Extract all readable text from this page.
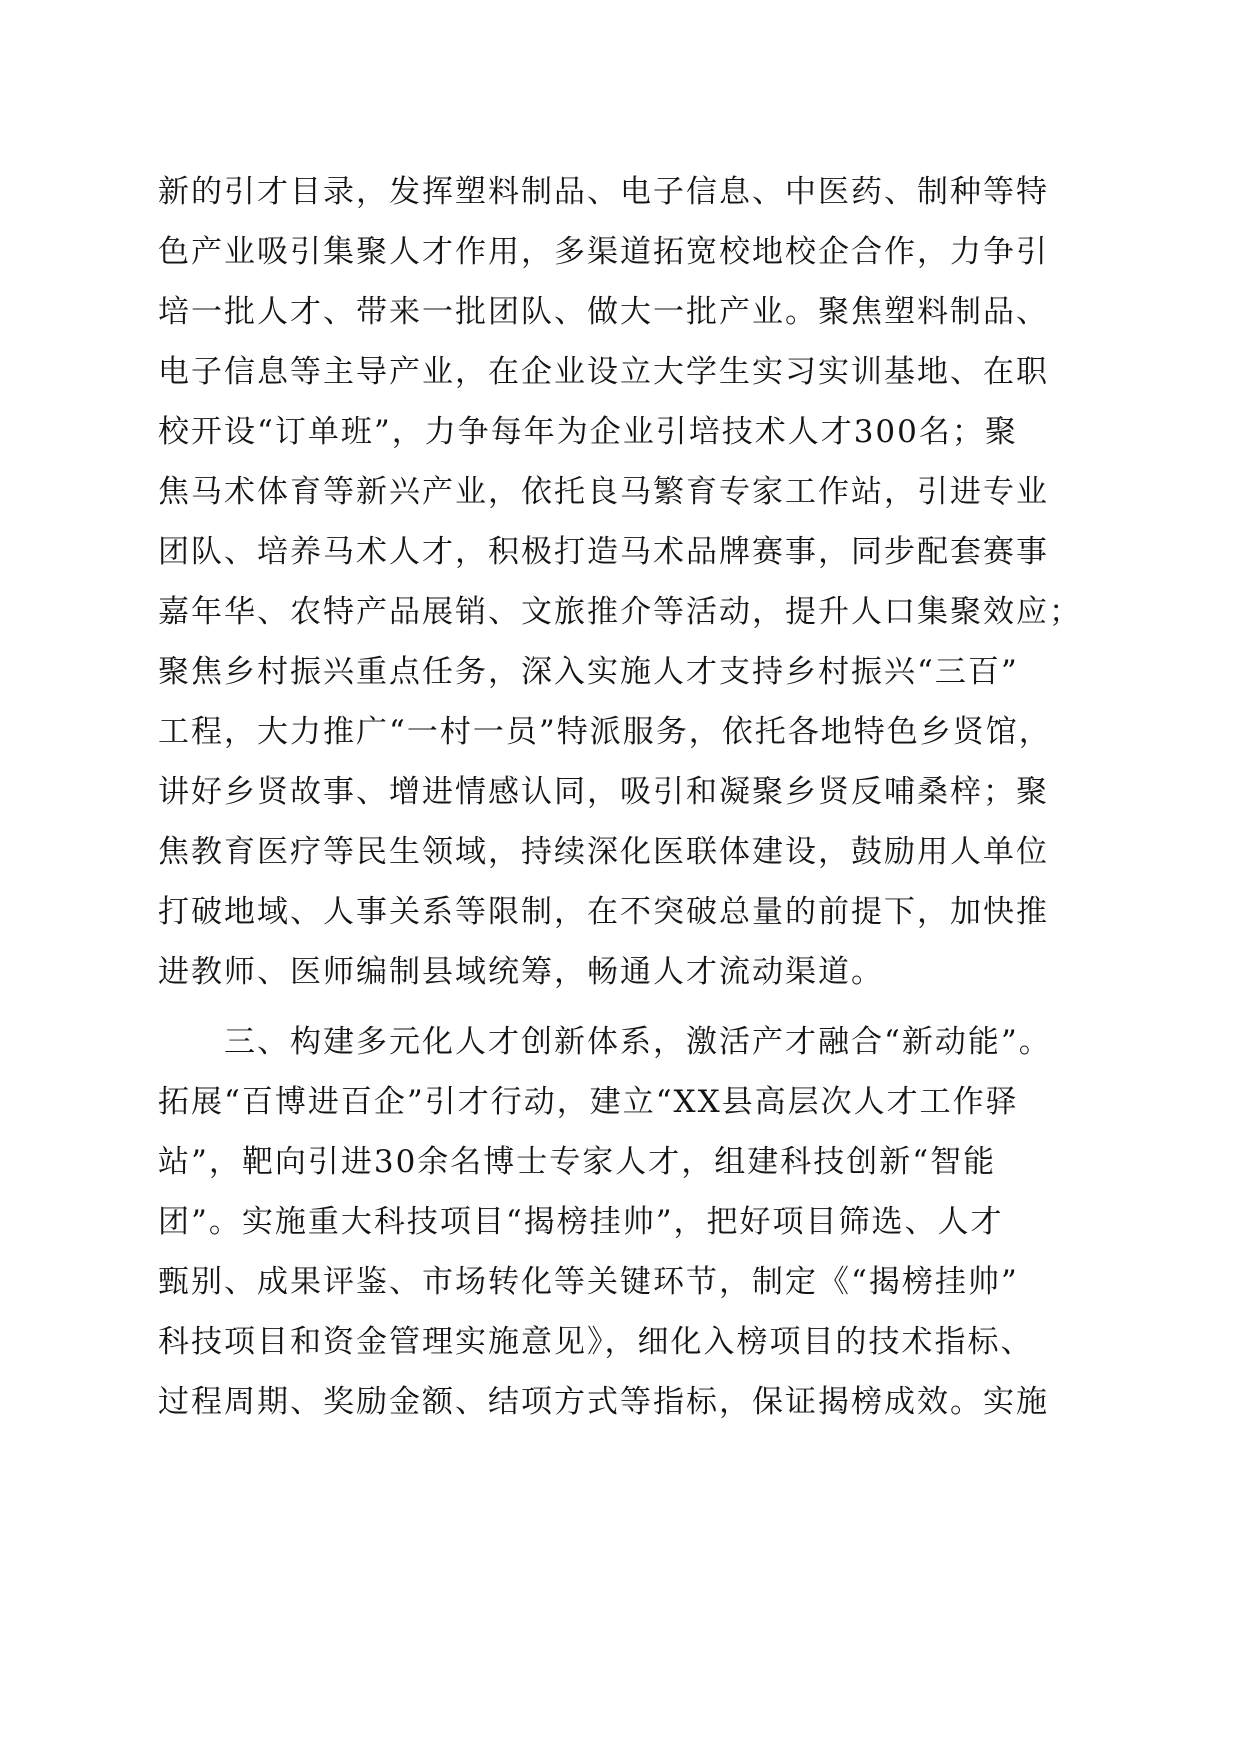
新的引才目录，发挥塑料制品、电子信息、中医药、制种等特
色产业吸引集聚人才作用，多渠道拓宽校地校企合作，力争引
培一批人才、带来一批团队、做大一批产业。聚焦塑料制品、
电子信息等主导产业，在企业设立大学生实习实训基地、在职
校开设“订单班”，力争每年为企业引培技术人才300名；聚
焦马术体育等新兴产业，依托良马繁育专家工作站，引进专业
团队、培养马术人才，积极打造马术品牌赛事，同步配套赛事
嘉年华、农特产品展销、文旅推介等活动，提升人口集聚效应；
聚焦乡村振兴重点任务，深入实施人才支持乡村振兴“三百”
工程，大力推广“一村一员”特派服务，依托各地特色乡贤馆，
讲好乡贤故事、增进情感认同，吸引和凝聚乡贤反哺桑梓；聚
焦教育医疗等民生领域，持续深化医联体建设，鼓励用人单位
打破地域、人事关系等限制，在不突破总量的前提下，加快推
进教师、医师编制县域统筹，畅通人才流动渠道。
　　三、构建多元化人才创新体系，激活产才融合“新动能”。
拓展“百博进百企”引才行动，建立“XX县高层次人才工作驿
站”，靶向引进30余名博士专家人才，组建科技创新“智能
团”。实施重大科技项目“揭榜挂帅”，把好项目筛选、人才
甄别、成果评鉴、市场转化等关键环节，制定《“揭榜挂帅”
科技项目和资金管理实施意见》，细化入榜项目的技术指标、
过程周期、奖励金额、结项方式等指标，保证揭榜成效。实施
